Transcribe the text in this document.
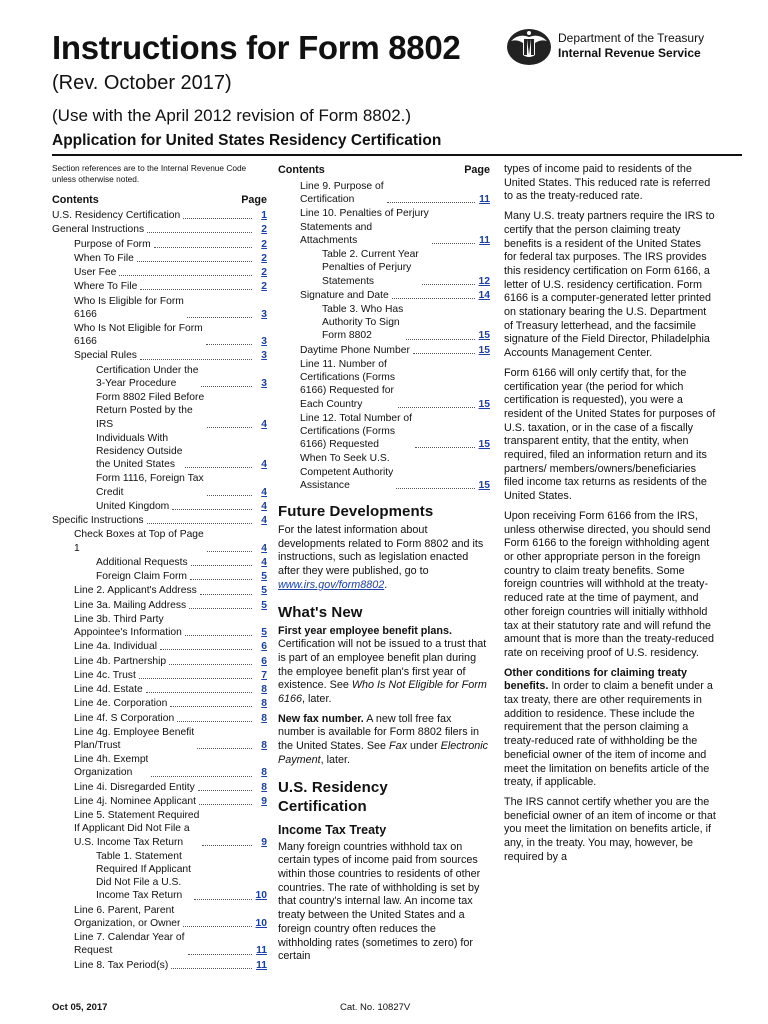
Instructions for Form 8802
(Rev. October 2017)
(Use with the April 2012 revision of Form 8802.)
Application for United States Residency Certification
Department of the Treasury
Internal Revenue Service
Section references are to the Internal Revenue Code unless otherwise noted.
Contents	Page
U.S. Residency Certification	1
General Instructions	2
Purpose of Form	2
When To File	2
User Fee	2
Where To File	2
Who Is Eligible for Form
6166	3
Who Is Not Eligible for Form
6166	3
Special Rules	3
Certification Under the
3-Year Procedure	3
Form 8802 Filed Before
Return Posted by the
IRS	4
Individuals With
Residency Outside
the United States	4
Form 1116, Foreign Tax
Credit	4
United Kingdom	4
Specific Instructions	4
Check Boxes at Top of Page
1	4
Additional Requests	4
Foreign Claim Form	5
Line 2. Applicant's Address	5
Line 3a. Mailing Address	5
Line 3b. Third Party
Appointee's Information	5
Line 4a. Individual	6
Line 4b. Partnership	6
Line 4c. Trust	7
Line 4d. Estate	8
Line 4e. Corporation	8
Line 4f. S Corporation	8
Line 4g. Employee Benefit
Plan/Trust	8
Line 4h. Exempt
Organization	8
Line 4i. Disregarded Entity	8
Line 4j. Nominee Applicant	9
Line 5. Statement Required
If Applicant Did Not File a
U.S. Income Tax Return	9
Table 1. Statement
Required If Applicant
Did Not File a U.S.
Income Tax Return	10
Line 6. Parent, Parent
Organization, or Owner	10
Line 7. Calendar Year of
Request	11
Line 8. Tax Period(s)	11
Contents	Page
Line 9. Purpose of
Certification	11
Line 10. Penalties of Perjury
Statements and
Attachments	11
Table 2. Current Year
Penalties of Perjury
Statements	12
Signature and Date	14
Table 3. Who Has
Authority To Sign
Form 8802	15
Daytime Phone Number	15
Line 11. Number of
Certifications (Forms
6166) Requested for
Each Country	15
Line 12. Total Number of
Certifications (Forms
6166) Requested	15
When To Seek U.S.
Competent Authority
Assistance	15
Future Developments

For the latest information about developments related to Form 8802 and its instructions, such as legislation enacted after they were published, go to www.irs.gov/form8802.

What's New

First year employee benefit plans. Certification will not be issued to a trust that is part of an employee benefit plan during the employee benefit plan's first year of existence. See Who Is Not Eligible for Form 6166, later.

New fax number. A new toll free fax number is available for Form 8802 filers in the United States. See Fax under Electronic Payment, later.

U.S. Residency Certification
Income Tax Treaty

Many foreign countries withhold tax on certain types of income paid from sources within those countries to residents of other countries. The rate of withholding is set by that country's internal law. An income tax treaty between the United States and a foreign country often reduces the withholding rates (sometimes to zero) for certain

types of income paid to residents of the United States. This reduced rate is referred to as the treaty-reduced rate.

Many U.S. treaty partners require the IRS to certify that the person claiming treaty benefits is a resident of the United States for federal tax purposes. The IRS provides this residency certification on Form 6166, a letter of U.S. residency certification. Form 6166 is a computer-generated letter printed on stationary bearing the U.S. Department of Treasury letterhead, and the facsimile signature of the Field Director, Philadelphia Accounts Management Center.

Form 6166 will only certify that, for the certification year (the period for which certification is requested), you were a resident of the United States for purposes of U.S. taxation, or in the case of a fiscally transparent entity, that the entity, when required, filed an information return and its partners/ members/owners/beneficiaries filed income tax returns as residents of the United States.

Upon receiving Form 6166 from the IRS, unless otherwise directed, you should send Form 6166 to the foreign withholding agent or other appropriate person in the foreign country to claim treaty benefits. Some foreign countries will withhold at the treaty-reduced rate at the time of payment, and other foreign countries will initially withhold tax at their statutory rate and will refund the amount that is more than the treaty-reduced rate on receiving proof of U.S. residency.

Other conditions for claiming treaty benefits. In order to claim a benefit under a tax treaty, there are other requirements in addition to residence. These include the requirement that the person claiming a treaty-reduced rate of withholding be the beneficial owner of the item of income and meet the limitation on benefits article of the treaty, if applicable.

The IRS cannot certify whether you are the beneficial owner of an item of income or that you meet the limitation on benefits article, if any, in the treaty. You may, however, be required by a

Oct 05, 2017	Cat. No. 10827V
